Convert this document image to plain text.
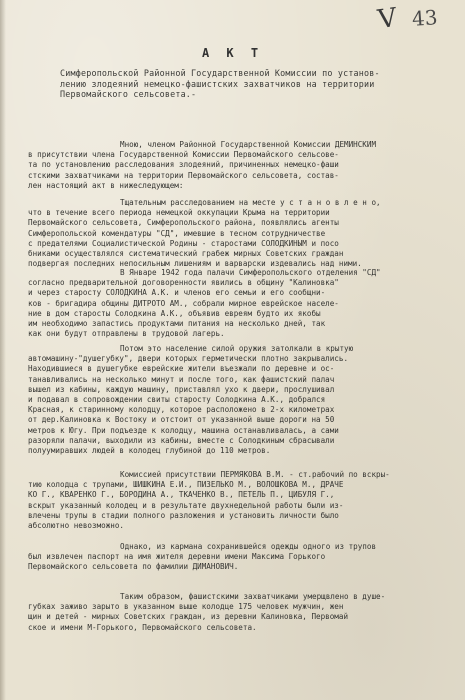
V 43
А К Т
Симферопольской Районной Государственной Комиссии по установ-
лению злодеяний немецко-фашистских захватчиков на территории
Первомайского сельсовета.-
Мною, членом Районной Государственной Комиссии ДЕМИНСКИМ
в присутствии члена Государственной Комиссии Первомайского сельсове-
та по установлению расследования злодеяний, причиненных немецко-фаши
стскими захватчиками на территории Первомайского сельсовета, состав-
лен настоящий акт в нижеследующем:
Тщательным расследованием на месте у с т а н о в л е н о,
что в течение всего периода немецкой оккупации Крыма на территории
Первомайского сельсовета, Симферопольского района, появлялись агенты
Симферопольской комендатуры "СД", имевшие в тесном сотрудничестве
с предателями Социалистической Родины - старостами СОЛОДКИНЫМ и посо
бниками осуществлялся систематический грабеж мирных Советских граждан
подвергая последних непосильным лишениям и варварски издевались над ними.
В Январе 1942 года палачи Симферопольского отделения "СД"
согласно предварительной договоренности явились в общину "Калиновка"
и через старосту СОЛОДКИНА А.К. и членов его семьи и его сообщни-
ков - бригадира общины ДИТРОТО АМ., собрали мирное еврейское населе-
ние в дом старосты Солодкина А.К., объявив евреям будто их якобы
им необходимо запастись продуктами питания на несколько дней, так
как они будут отправлены в трудовой лагерь.
Потом это население силой оружия затолкали в крытую
автомашину-"душегубку", двери которых герметически плотно закрывались.
Находившиеся в душегубке еврейские жители въезжали по деревне и ос-
танавливались на несколько минут и после того, как фашистский палач
вышел из кабины, каждую машину, приставлял ухо к двери, прослушивал
и подавал в сопровождении свиты старосту Солодкина А.К., добрался
Красная, к старинному колодцу, которое расположено в 2-х километрах
от дер.Калиновка к Востоку и отстоит от указанной выше дороги на 50
метров к Югу. При подъезде к колодцу, машина останавливалась, а сами
разоряли палачи, выходили из кабины, вместе с Солодкиным сбрасывали
полуумиравших людей в колодец глубиной до 110 метров.
Комиссией присутствии ПЕРМЯКОВА В.М. - ст.рабочий по вскры-
тию колодца с трупами, ШИШКИНА Е.И., ПИЗЕЛЬКО М., ВОЛОШКОВА М., ДРАЧЕ
КО Г., КВАРЕНКО Г., БОРОДИНА А., ТКАЧЕНКО В., ПЕТЕЛЬ П., ЦИБУЛЯ Г.,
вскрыт указанный колодец и в результате двухнедельной работы были из-
влечены трупы в стадии полного разложения и установить личности было
абсолютно невозможно.
Однако, из кармана сохранившейся одежды одного из трупов
был извлечен паспорт на имя жителя деревни имени Максима Горького
Первомайского сельсовета по фамилии ДИМАНОВИЧ.
Таким образом, фашистскими захватчиками умерщвлено в душе-
губках заживо зарыто в указанном выше колодце 175 человек мужчин, жен
щин и детей - мирных Советских граждан, из деревни Калиновка, Первомай
ское и имени М-Горького, Первомайского сельсовета.
